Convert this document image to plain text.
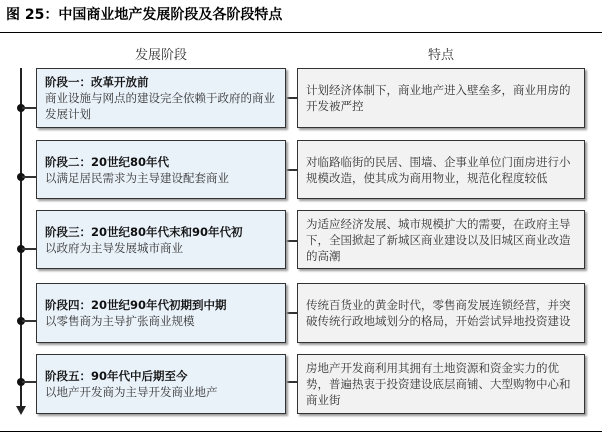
图 25：中国商业地产发展阶段及各阶段特点
发展阶段	特点
阶段一：改革开放前
商业设施与网点的建设完全依赖于政府的商业发展计划
计划经济体制下，商业地产进入壁垒多，商业用房的开发被严控
阶段二：20世纪80年代
以满足居民需求为主导建设配套商业
对临路临街的民居、围墙、企事业单位门面房进行小规模改造，使其成为商用物业，规范化程度较低
阶段三：20世纪80年代末和90年代初
以政府为主导发展城市商业
为适应经济发展、城市规模扩大的需要，在政府主导下，全国掀起了新城区商业建设以及旧城区商业改造的高潮
阶段四：20世纪90年代初期到中期
以零售商为主导扩张商业规模
传统百货业的黄金时代，零售商发展连锁经营，并突破传统行政地域划分的格局，开始尝试异地投资建设
阶段五：90年代中后期至今
以地产开发商为主导开发商业地产
房地产开发商利用其拥有土地资源和资金实力的优势，普遍热衷于投资建设底层商铺、大型购物中心和商业街
